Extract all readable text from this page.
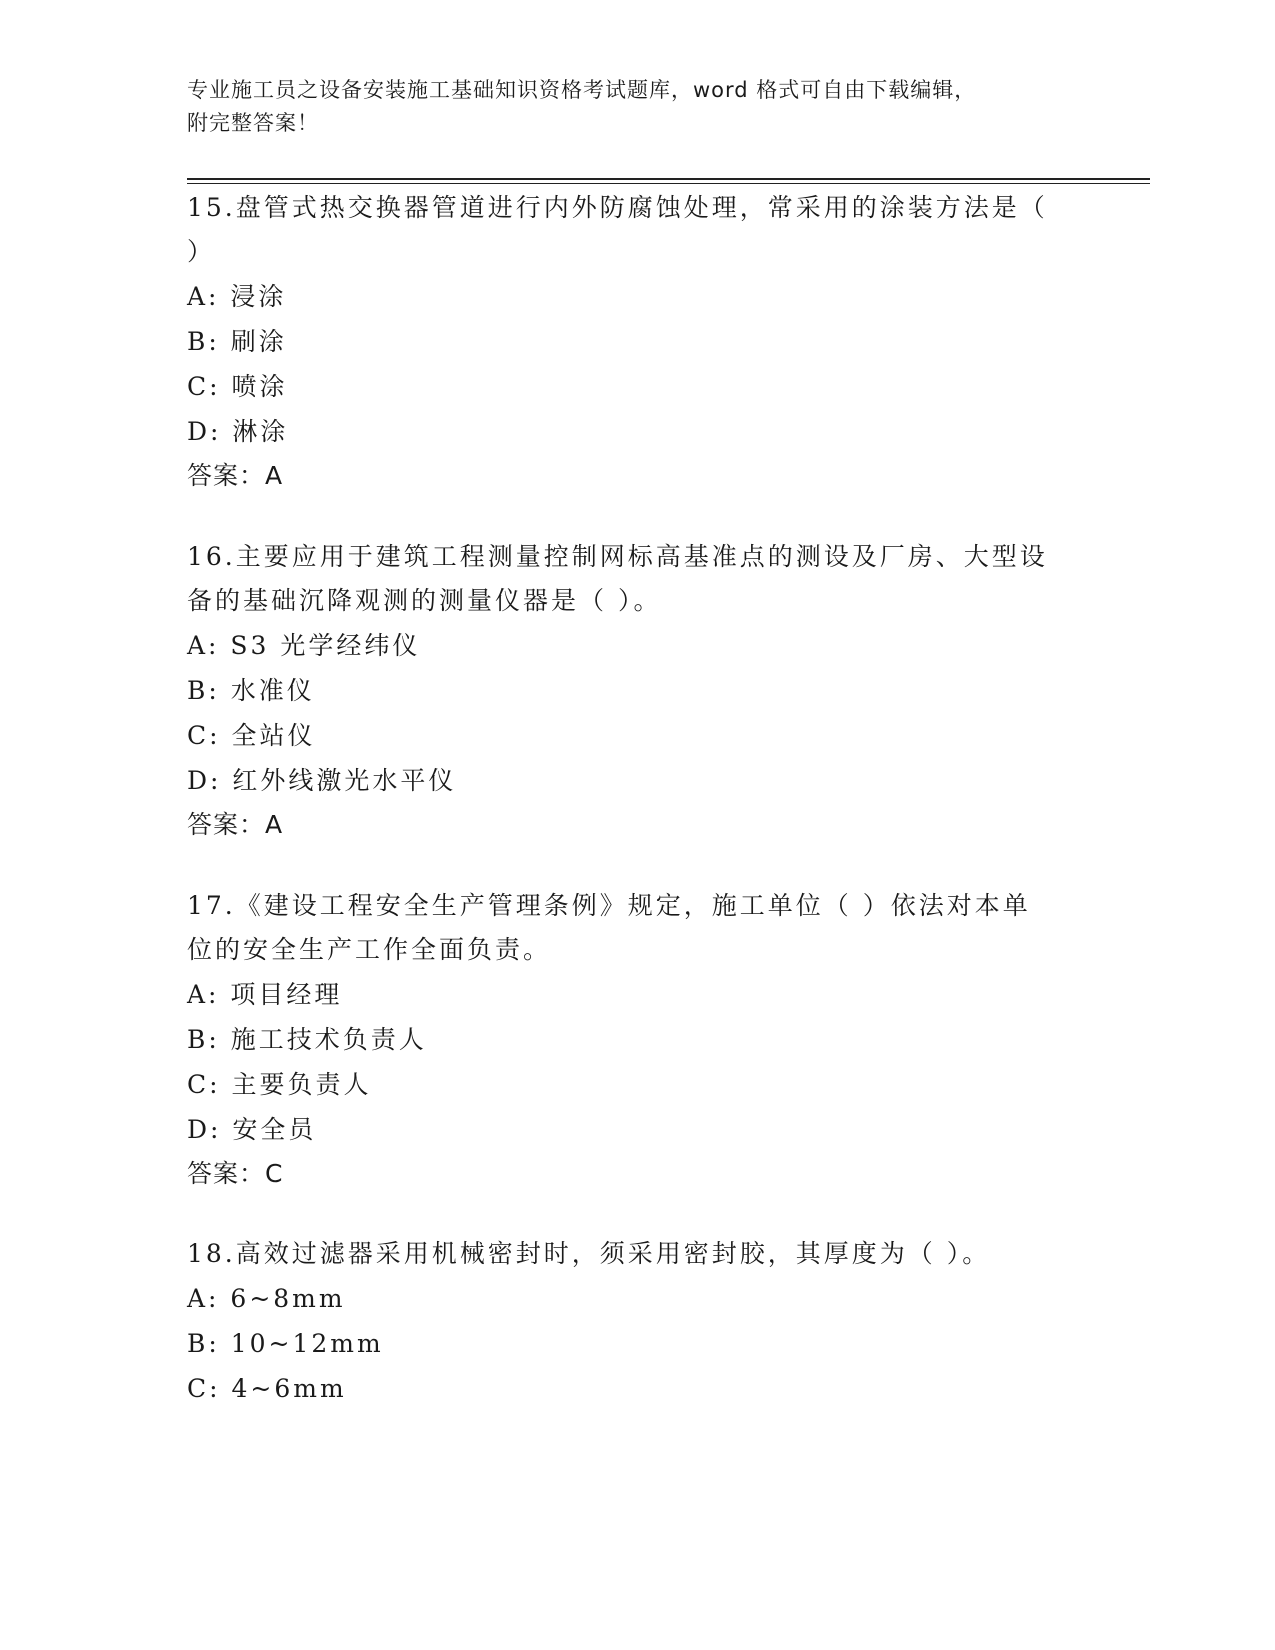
专业施工员之设备安装施工基础知识资格考试题库，word 格式可自由下载编辑，
附完整答案！
15.盘管式热交换器管道进行内外防腐蚀处理，常采用的涂装方法是（
）
A: 浸涂
B: 刷涂
C: 喷涂
D: 淋涂
答案：A
16.主要应用于建筑工程测量控制网标高基准点的测设及厂房、大型设
备的基础沉降观测的测量仪器是（ ）。
A: S3 光学经纬仪
B: 水准仪
C: 全站仪
D: 红外线激光水平仪
答案：A
17.《建设工程安全生产管理条例》规定，施工单位（ ）依法对本单
位的安全生产工作全面负责。
A: 项目经理
B: 施工技术负责人
C: 主要负责人
D: 安全员
答案：C
18.高效过滤器采用机械密封时，须采用密封胶，其厚度为（ ）。
A: 6~8mm
B: 10~12mm
C: 4~6mm
